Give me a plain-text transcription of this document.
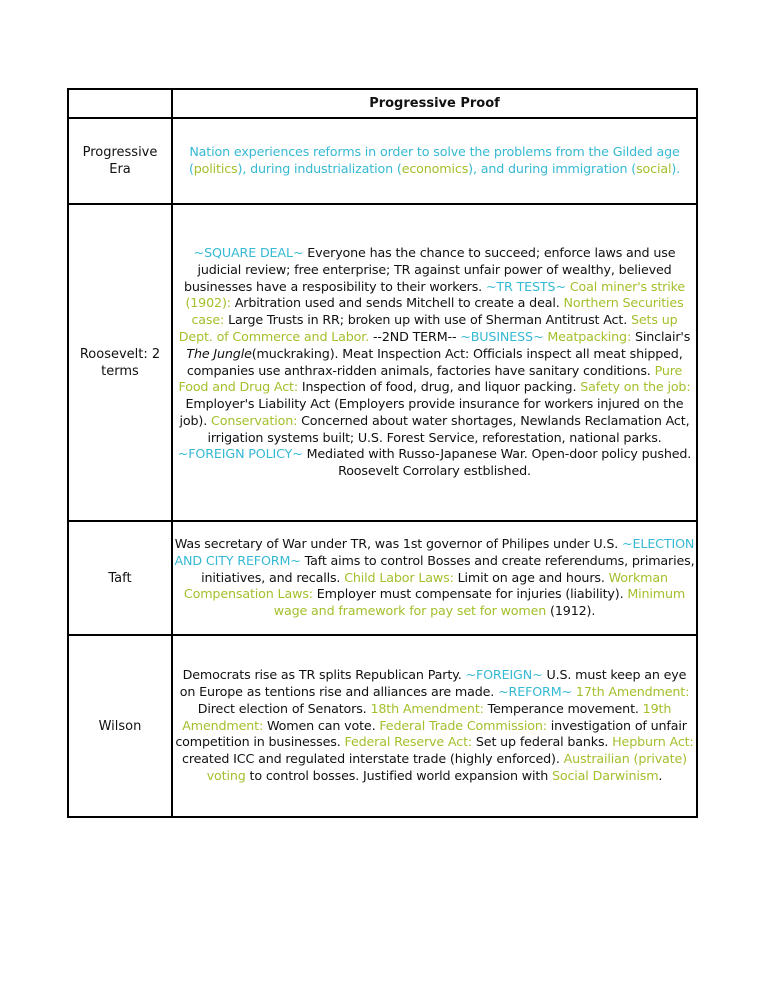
	Progressive Proof
Progressive Era	Nation experiences reforms in order to solve the problems from the Gilded age (politics), during industrialization (economics), and during immigration (social).
Roosevelt: 2 terms	~SQUARE DEAL~ Everyone has the chance to succeed; enforce laws and use judicial review; free enterprise; TR against unfair power of wealthy, believed businesses have a resposibility to their workers. ~TR TESTS~ Coal miner's strike (1902): Arbitration used and sends Mitchell to create a deal. Northern Securities case: Large Trusts in RR; broken up with use of Sherman Antitrust Act. Sets up Dept. of Commerce and Labor. --2ND TERM-- ~BUSINESS~ Meatpacking: Sinclair's The Jungle(muckraking). Meat Inspection Act: Officials inspect all meat shipped, companies use anthrax-ridden animals, factories have sanitary conditions. Pure Food and Drug Act: Inspection of food, drug, and liquor packing. Safety on the job: Employer's Liability Act (Employers provide insurance for workers injured on the job). Conservation: Concerned about water shortages, Newlands Reclamation Act, irrigation systems built; U.S. Forest Service, reforestation, national parks. ~FOREIGN POLICY~ Mediated with Russo-Japanese War. Open-door policy pushed. Roosevelt Corrolary estblished.
Taft	Was secretary of War under TR, was 1st governor of Philipes under U.S. ~ELECTION AND CITY REFORM~ Taft aims to control Bosses and create referendums, primaries, initiatives, and recalls. Child Labor Laws: Limit on age and hours. Workman Compensation Laws: Employer must compensate for injuries (liability). Minimum wage and framework for pay set for women (1912).
Wilson	Democrats rise as TR splits Republican Party. ~FOREIGN~ U.S. must keep an eye on Europe as tentions rise and alliances are made. ~REFORM~ 17th Amendment: Direct election of Senators. 18th Amendment: Temperance movement. 19th Amendment: Women can vote. Federal Trade Commission: investigation of unfair competition in businesses. Federal Reserve Act: Set up federal banks. Hepburn Act: created ICC and regulated interstate trade (highly enforced). Austrailian (private) voting to control bosses. Justified world expansion with Social Darwinism.
